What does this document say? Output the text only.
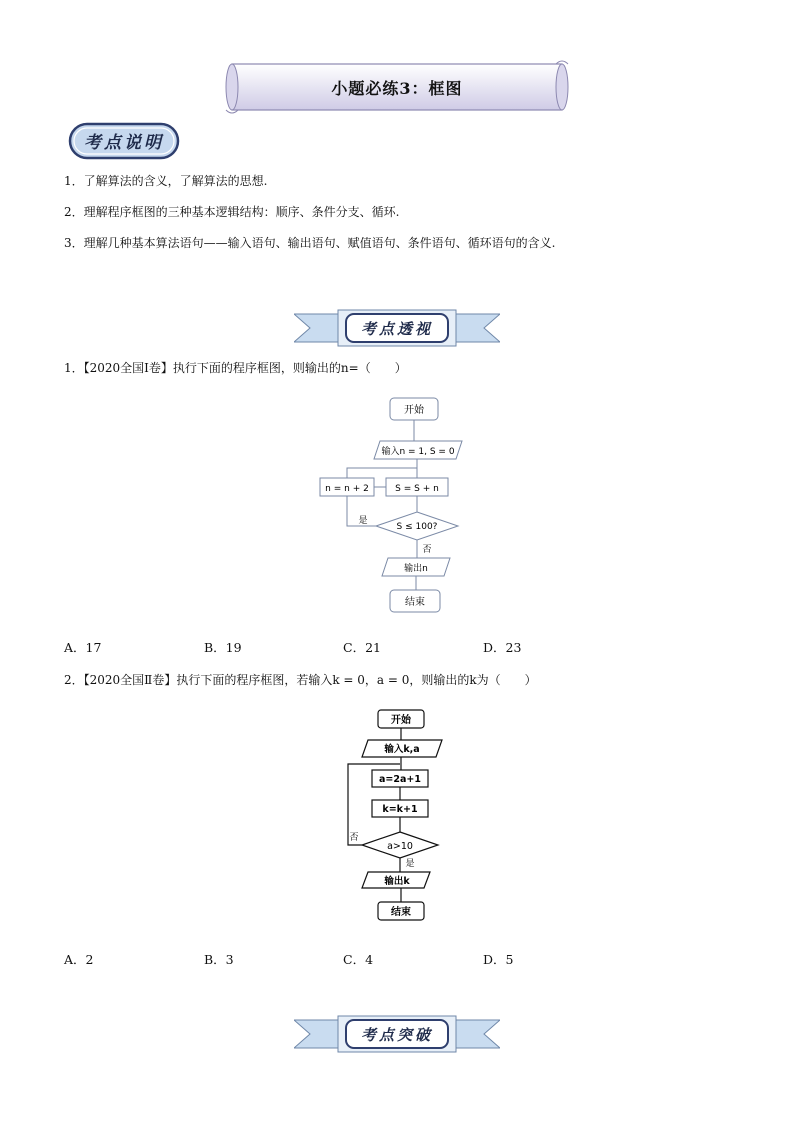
小题必练3：框图
考点说明
1．了解算法的含义，了解算法的思想.
2．理解程序框图的三种基本逻辑结构：顺序、条件分支、循环.
3．理解几种基本算法语句——输入语句、输出语句、赋值语句、条件语句、循环语句的含义.
考点透视
1．【2020全国Ⅰ卷】执行下面的程序框图，则输出的n=（　　）
开始
输入n = 1, S = 0
n = n + 2	S = S + n
S ≤ 100?
是
否
输出n
结束
A．17	B．19	C．21	D．23
2．【2020全国Ⅱ卷】执行下面的程序框图，若输入k = 0，a = 0，则输出的k为（　　）
开始
输入k,a
a=2a+1
k=k+1
a>10
否
是
输出k
结束
A．2	B．3	C．4	D．5
考点突破
